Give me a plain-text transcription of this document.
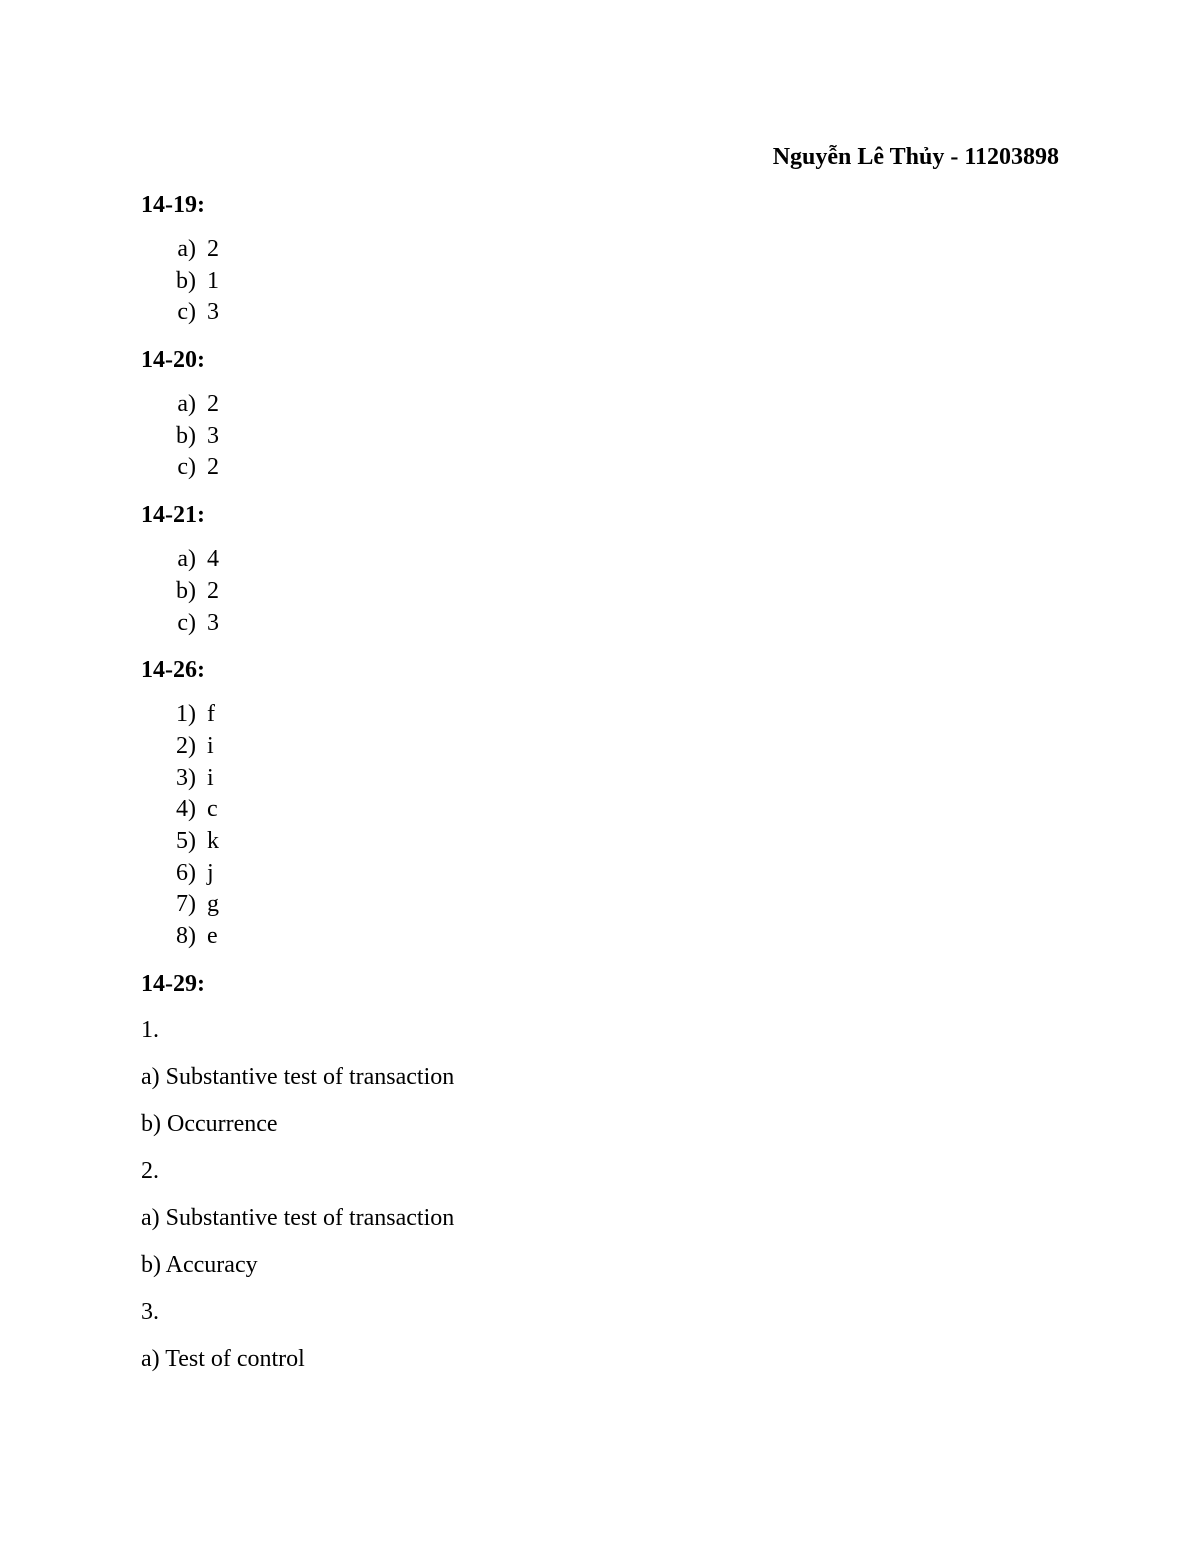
Nguyễn Lê Thủy - 11203898
14-19:
a) 2
b) 1
c) 3
14-20:
a) 2
b) 3
c) 2
14-21:
a) 4
b) 2
c) 3
14-26:
1) f
2) i
3) i
4) c
5) k
6) j
7) g
8) e
14-29:
1.
a) Substantive test of transaction
b) Occurrence
2.
a) Substantive test of transaction
b) Accuracy
3.
a) Test of control
